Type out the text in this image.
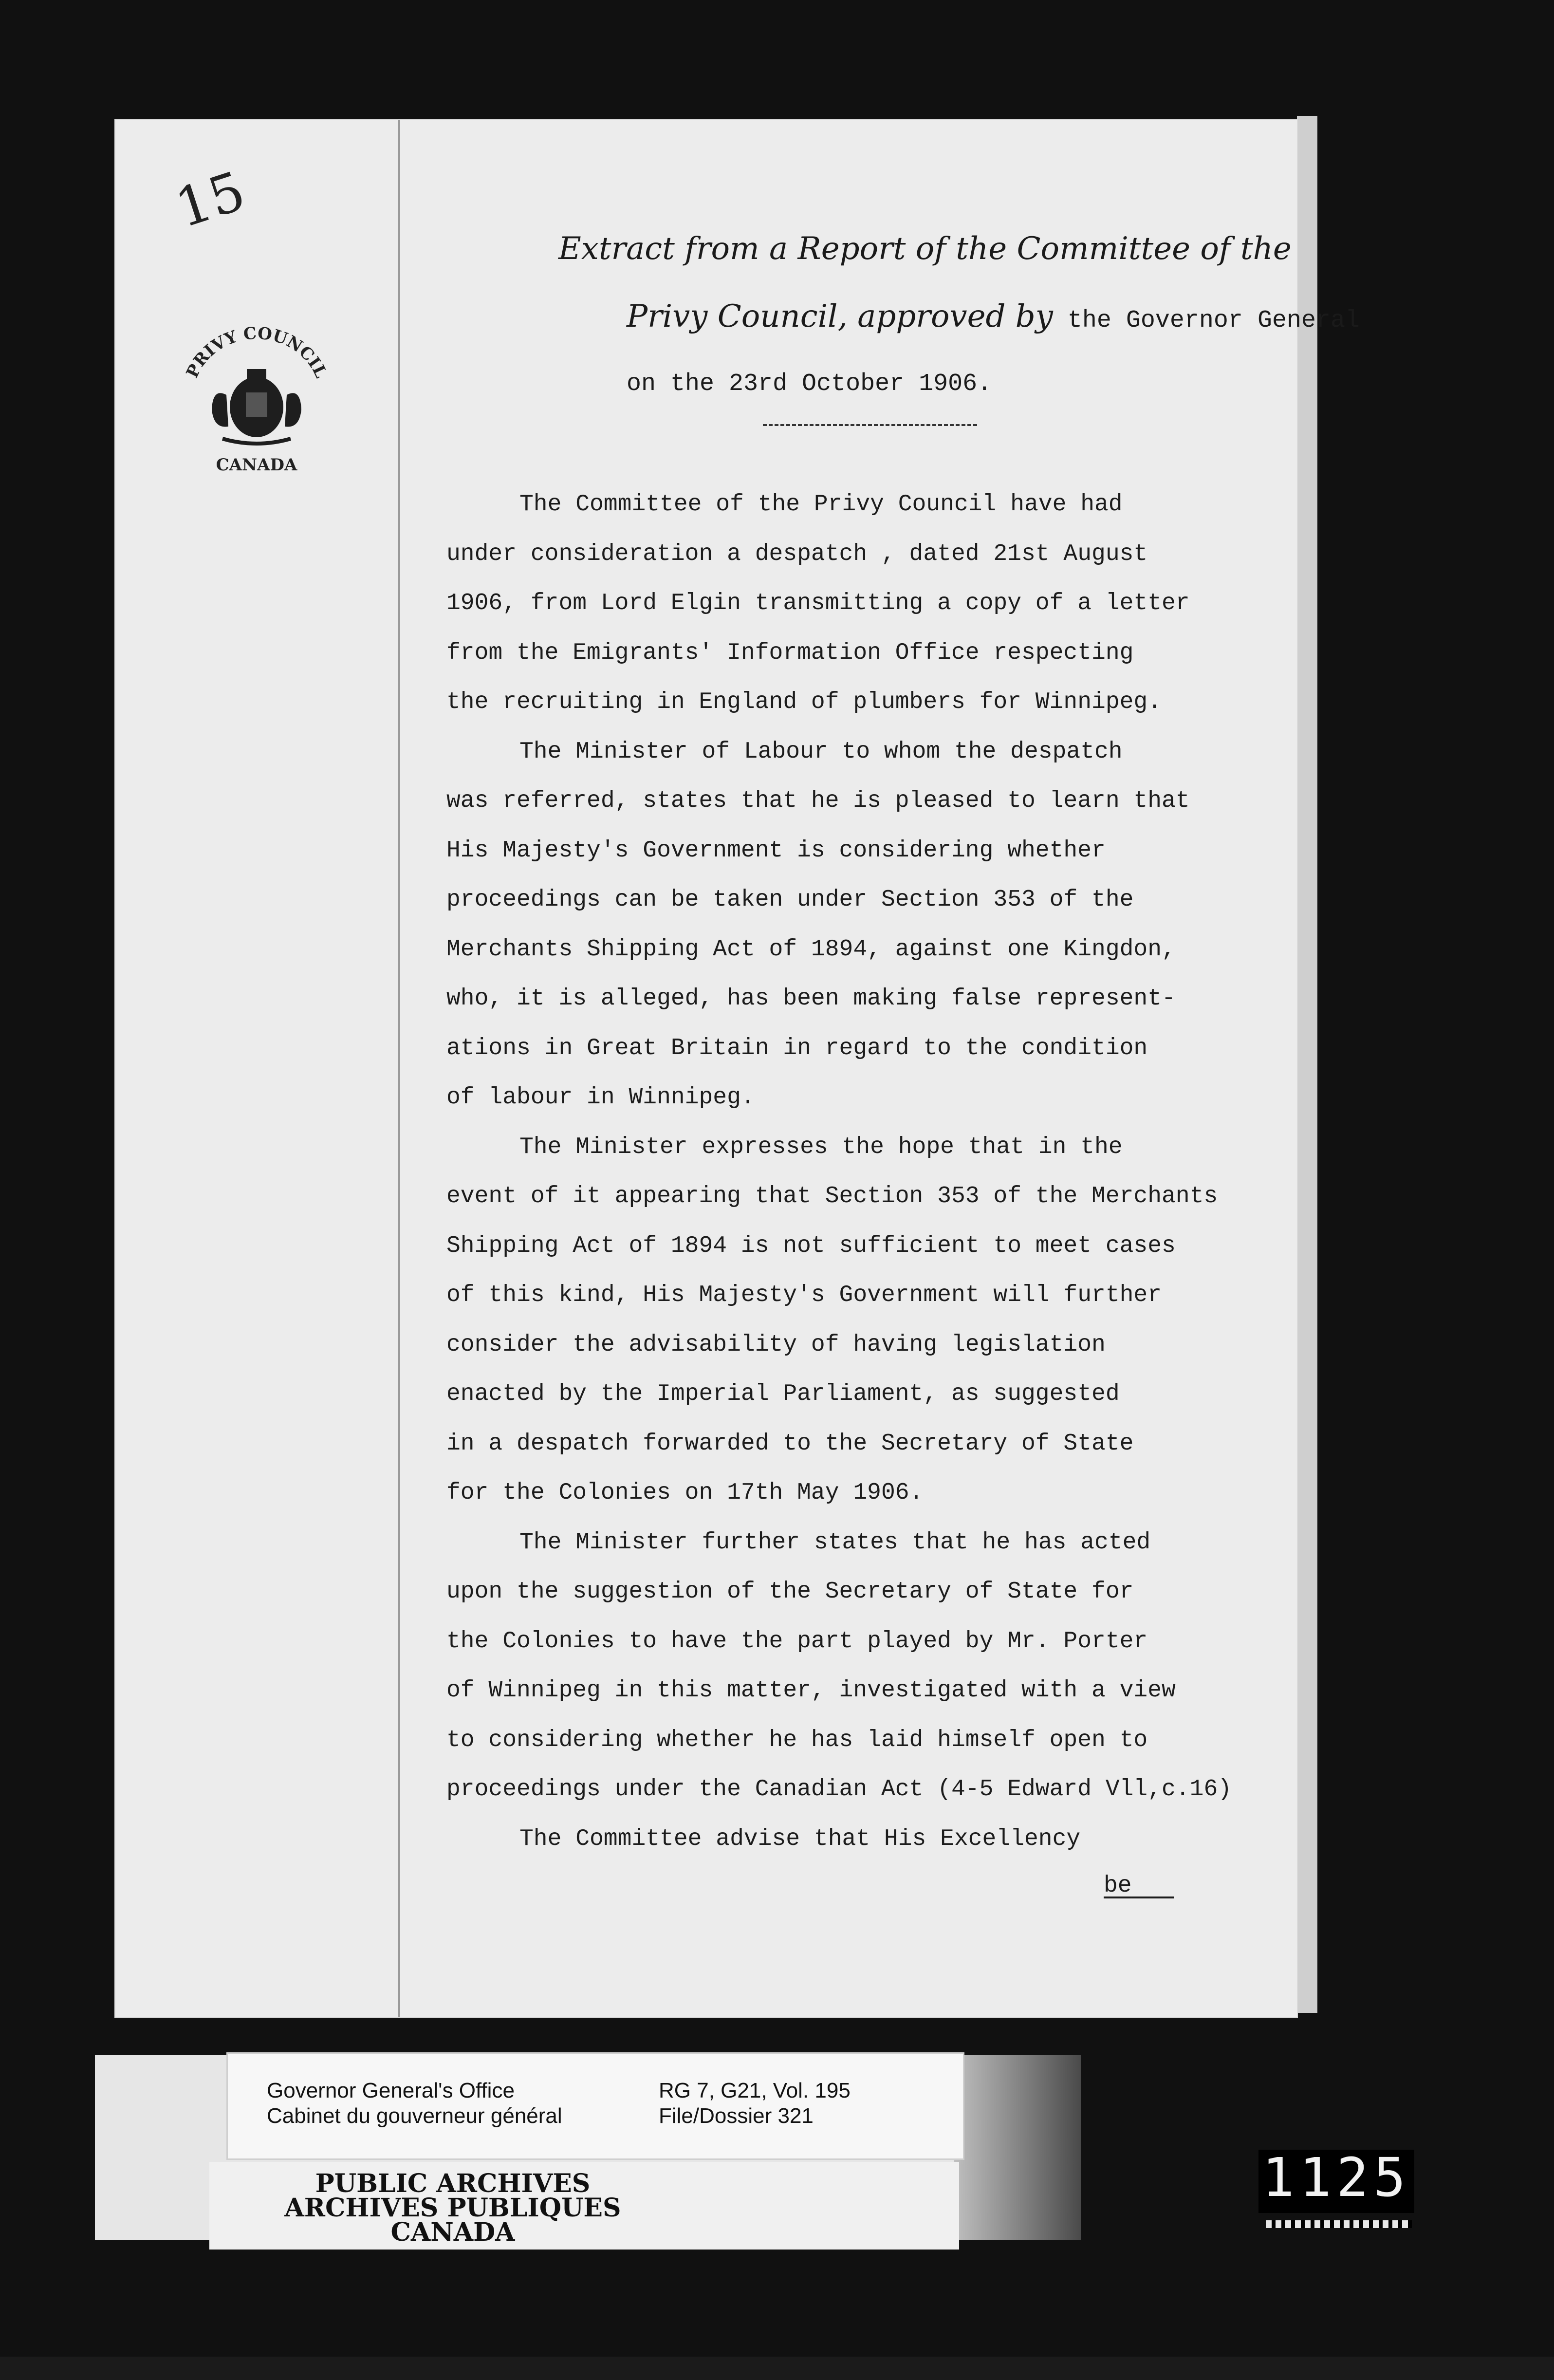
15
PRIVY COUNCIL
CANADA
Extract from a Report of the Committee of the
Privy Council, approved by the Governor General
on the 23rd October 1906.
The Committee of the Privy Council have had
under consideration a despatch , dated 21st August
1906, from Lord Elgin transmitting a copy of a letter
from the Emigrants' Information Office respecting
the recruiting in England of plumbers for Winnipeg.
The Minister of Labour to whom the despatch
was referred, states that he is pleased to learn that
His Majesty's Government is considering whether
proceedings can be taken under Section 353 of the
Merchants Shipping Act of 1894, against one Kingdon,
who, it is alleged, has been making false represent-
ations in Great Britain in regard to the condition
of labour in Winnipeg.
The Minister expresses the hope that in the
event of it appearing that Section 353 of the Merchants
Shipping Act of 1894 is not sufficient to meet cases
of this kind, His Majesty's Government will further
consider the advisability of having legislation
enacted by the Imperial Parliament, as suggested
in a despatch forwarded to the Secretary of State
for the Colonies on 17th May 1906.
The Minister further states that he has acted
upon the suggestion of the Secretary of State for
the Colonies to have the part played by Mr. Porter
of Winnipeg in this matter, investigated with a view
to considering whether he has laid himself open to
proceedings under the Canadian Act (4-5 Edward Vll,c.16)
The Committee advise that His Excellency
be
Governor General's Office
Cabinet du gouverneur général
RG 7, G21, Vol. 195
File/Dossier 321
PUBLIC ARCHIVES
ARCHIVES PUBLIQUES
CANADA
1125
